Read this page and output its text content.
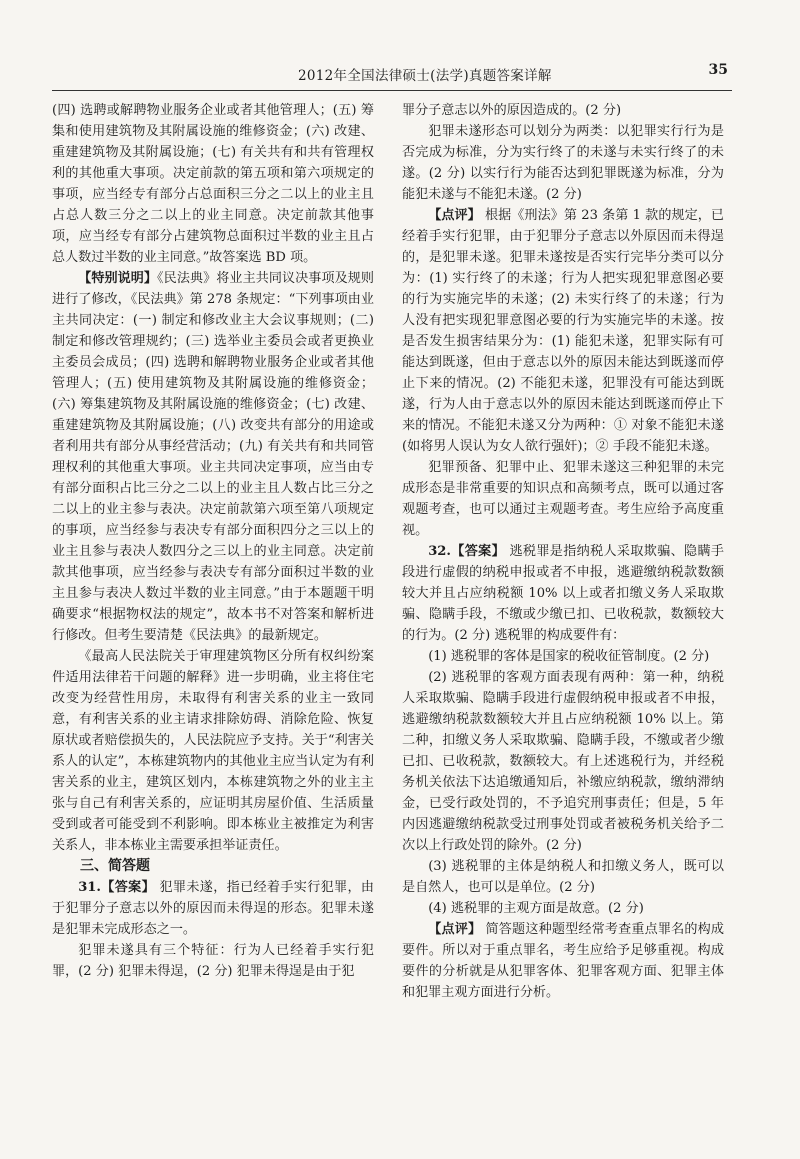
2012年全国法律硕士(法学)真题答案详解	35

(四) 选聘或解聘物业服务企业或者其他管理人；(五) 筹集和使用建筑物及其附属设施的维修资金；(六) 改建、重建建筑物及其附属设施；(七) 有关共有和共有管理权利的其他重大事项。决定前款的第五项和第六项规定的事项，应当经专有部分占总面积三分之二以上的业主且占总人数三分之二以上的业主同意。决定前款其他事项，应当经专有部分占建筑物总面积过半数的业主且占总人数过半数的业主同意。”故答案选 BD 项。

【特别说明】《民法典》将业主共同议决事项及规则进行了修改，《民法典》第 278 条规定：“下列事项由业主共同决定：(一) 制定和修改业主大会议事规则；(二) 制定和修改管理规约；(三) 选举业主委员会或者更换业主委员会成员；(四) 选聘和解聘物业服务企业或者其他管理人；(五) 使用建筑物及其附属设施的维修资金；(六) 筹集建筑物及其附属设施的维修资金；(七) 改建、重建建筑物及其附属设施；(八) 改变共有部分的用途或者利用共有部分从事经营活动；(九) 有关共有和共同管理权利的其他重大事项。业主共同决定事项，应当由专有部分面积占比三分之二以上的业主且人数占比三分之二以上的业主参与表决。决定前款第六项至第八项规定的事项，应当经参与表决专有部分面积四分之三以上的业主且参与表决人数四分之三以上的业主同意。决定前款其他事项，应当经参与表决专有部分面积过半数的业主且参与表决人数过半数的业主同意。”由于本题题干明确要求“根据物权法的规定”，故本书不对答案和解析进行修改。但考生要清楚《民法典》的最新规定。

《最高人民法院关于审理建筑物区分所有权纠纷案件适用法律若干问题的解释》进一步明确，业主将住宅改变为经营性用房，未取得有利害关系的业主一致同意，有利害关系的业主请求排除妨碍、消除危险、恢复原状或者赔偿损失的，人民法院应予支持。关于“利害关系人的认定”，本栋建筑物内的其他业主应当认定为有利害关系的业主，建筑区划内，本栋建筑物之外的业主主张与自己有利害关系的，应证明其房屋价值、生活质量受到或者可能受到不利影响。即本栋业主被推定为利害关系人，非本栋业主需要承担举证责任。

三、简答题

31.【答案】 犯罪未遂，指已经着手实行犯罪，由于犯罪分子意志以外的原因而未得逞的形态。犯罪未遂是犯罪未完成形态之一。

犯罪未遂具有三个特征：行为人已经着手实行犯罪，(2 分) 犯罪未得逞，(2 分) 犯罪未得逞是由于犯

罪分子意志以外的原因造成的。(2 分)

犯罪未遂形态可以划分为两类：以犯罪实行行为是否完成为标准，分为实行终了的未遂与未实行终了的未遂。(2 分) 以实行行为能否达到犯罪既遂为标准，分为能犯未遂与不能犯未遂。(2 分)

【点评】 根据《刑法》第 23 条第 1 款的规定，已经着手实行犯罪，由于犯罪分子意志以外原因而未得逞的，是犯罪未遂。犯罪未遂按是否实行完毕分类可以分为：(1) 实行终了的未遂；行为人把实现犯罪意图必要的行为实施完毕的未遂；(2) 未实行终了的未遂；行为人没有把实现犯罪意图必要的行为实施完毕的未遂。按是否发生损害结果分为：(1) 能犯未遂，犯罪实际有可能达到既遂，但由于意志以外的原因未能达到既遂而停止下来的情况。(2) 不能犯未遂，犯罪没有可能达到既遂，行为人由于意志以外的原因未能达到既遂而停止下来的情况。不能犯未遂又分为两种：① 对象不能犯未遂(如将男人误认为女人欲行强奸)；② 手段不能犯未遂。

犯罪预备、犯罪中止、犯罪未遂这三种犯罪的未完成形态是非常重要的知识点和高频考点，既可以通过客观题考查，也可以通过主观题考查。考生应给予高度重视。

32.【答案】 逃税罪是指纳税人采取欺骗、隐瞒手段进行虚假的纳税申报或者不申报，逃避缴纳税款数额较大并且占应纳税额 10% 以上或者扣缴义务人采取欺骗、隐瞒手段，不缴或少缴已扣、已收税款，数额较大的行为。(2 分) 逃税罪的构成要件有：

(1) 逃税罪的客体是国家的税收征管制度。(2 分)

(2) 逃税罪的客观方面表现有两种：第一种，纳税人采取欺骗、隐瞒手段进行虚假纳税申报或者不申报，逃避缴纳税款数额较大并且占应纳税额 10% 以上。第二种，扣缴义务人采取欺骗、隐瞒手段，不缴或者少缴已扣、已收税款，数额较大。有上述逃税行为，并经税务机关依法下达追缴通知后，补缴应纳税款，缴纳滞纳金，已受行政处罚的，不予追究刑事责任；但是，5 年内因逃避缴纳税款受过刑事处罚或者被税务机关给予二次以上行政处罚的除外。(2 分)

(3) 逃税罪的主体是纳税人和扣缴义务人，既可以是自然人，也可以是单位。(2 分)

(4) 逃税罪的主观方面是故意。(2 分)

【点评】 简答题这种题型经常考查重点罪名的构成要件。所以对于重点罪名，考生应给予足够重视。构成要件的分析就是从犯罪客体、犯罪客观方面、犯罪主体和犯罪主观方面进行分析。
